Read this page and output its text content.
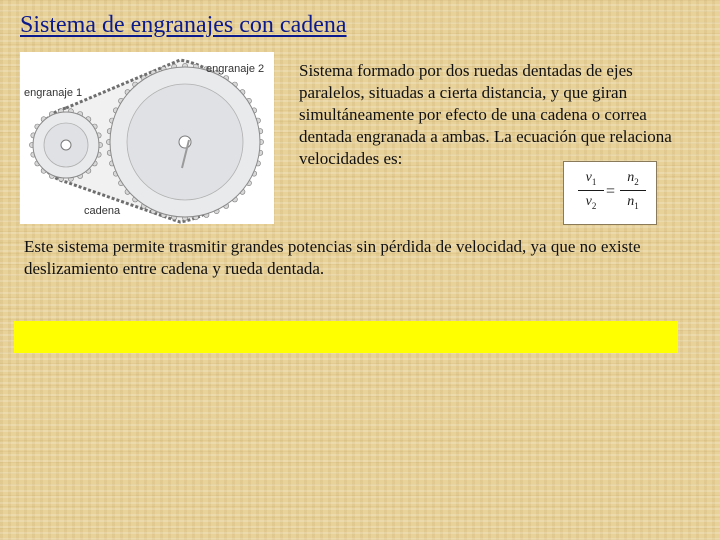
Sistema de engranajes con cadena
engranaje 1
engranaje 2
cadena

Sistema formado por dos ruedas dentadas de ejes paralelos, situadas a cierta distancia, y que giran simultáneamente por efecto de una cadena o correa dentada engranada a ambas. La ecuación que relaciona velocidades es:

$v_1$
$v_2$
=
$n_2$
$n_1$

Este sistema permite trasmitir grandes potencias sin pérdida de velocidad, ya que no existe deslizamiento entre cadena y rueda dentada.
